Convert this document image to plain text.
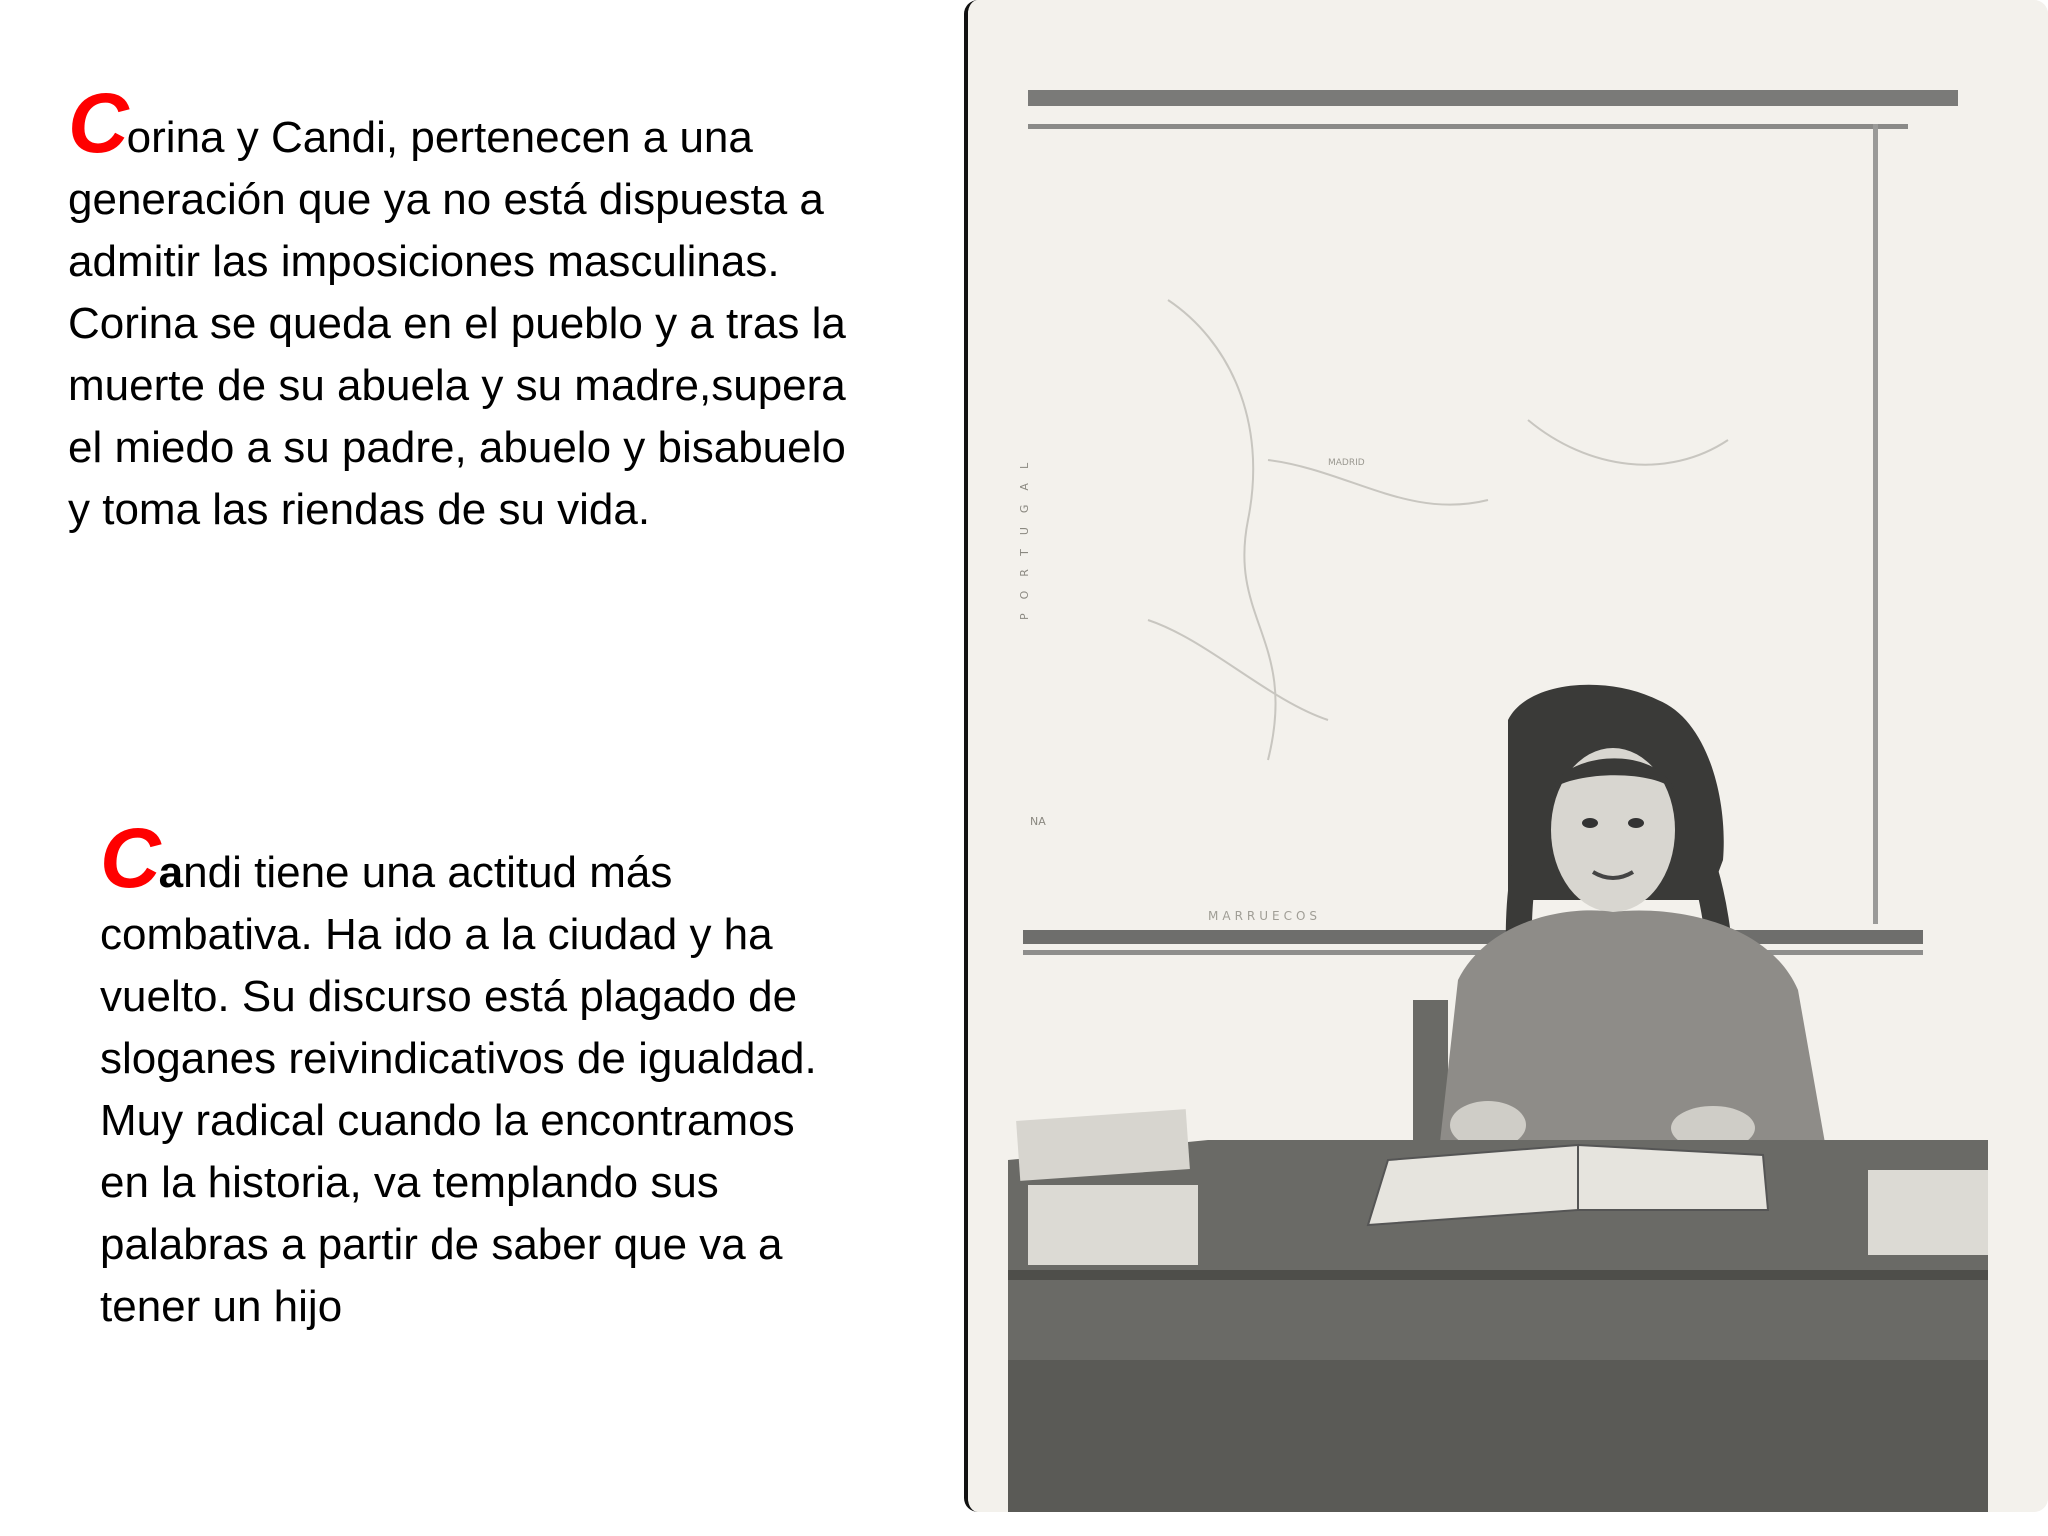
Corina y Candi, pertenecen a una
generación que ya no está dispuesta a
admitir las imposiciones masculinas.
Corina se queda en el pueblo y a tras la
muerte de su abuela y su madre,supera
el miedo a su padre, abuelo y bisabuelo
y toma las riendas de su vida.
Candi tiene una actitud más
combativa. Ha ido a la ciudad y ha
vuelto. Su discurso está plagado de
sloganes reivindicativos de igualdad.
Muy radical cuando la encontramos
en la historia, va templando sus
palabras a partir de saber que va a
tener un hijo
MADRID
MARRUECOS
PORTUGAL
NA
